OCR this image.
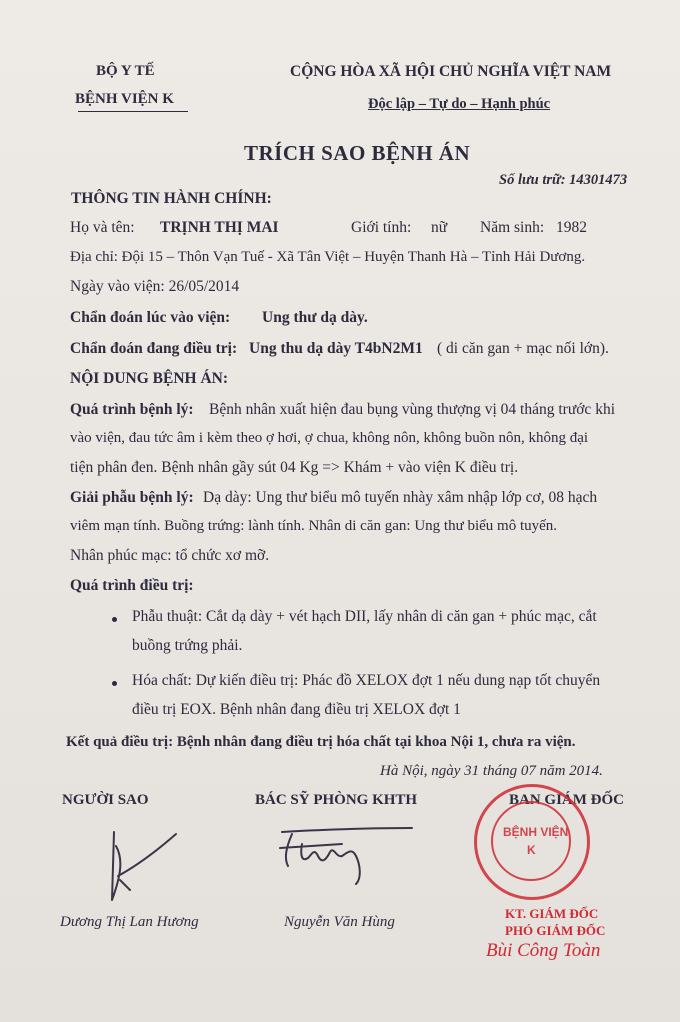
BỘ Y TẾ
BỆNH VIỆN K
CỘNG HÒA XÃ HỘI CHỦ NGHĨA VIỆT NAM
Độc lập – Tự do – Hạnh phúc
TRÍCH SAO BỆNH ÁN
Số lưu trữ: 14301473
THÔNG TIN HÀNH CHÍNH:
Họ và tên: TRỊNH THỊ MAI	Giới tính: nữ Năm sinh: 1982
Địa chỉ: Đội 15 – Thôn Vạn Tuế - Xã Tân Việt – Huyện Thanh Hà – Tỉnh Hải Dương.
Ngày vào viện: 26/05/2014
Chẩn đoán lúc vào viện: Ung thư dạ dày.
Chẩn đoán đang điều trị: Ung thu dạ dày T4bN2M1 ( di căn gan + mạc nối lớn).
NỘI DUNG BỆNH ÁN:
Quá trình bệnh lý: Bệnh nhân xuất hiện đau bụng vùng thượng vị 04 tháng trước khi
vào viện, đau tức âm i kèm theo ợ hơi, ợ chua, không nôn, không buồn nôn, không đại
tiện phân đen. Bệnh nhân gầy sút 04 Kg => Khám + vào viện K điều trị.
Giải phẫu bệnh lý: Dạ dày: Ung thư biểu mô tuyến nhày xâm nhập lớp cơ, 08 hạch
viêm mạn tính. Buồng trứng: lành tính. Nhân di căn gan: Ung thư biểu mô tuyến.
Nhân phúc mạc: tổ chức xơ mỡ.
Quá trình điều trị:
Phẫu thuật: Cắt dạ dày + vét hạch DII, lấy nhân di căn gan + phúc mạc, cắt
buồng trứng phải.
Hóa chất: Dự kiến điều trị: Phác đồ XELOX đợt 1 nếu dung nạp tốt chuyển
điều trị EOX. Bệnh nhân đang điều trị XELOX đợt 1
Kết quả điều trị: Bệnh nhân đang điều trị hóa chất tại khoa Nội 1, chưa ra viện.
Hà Nội, ngày 31 tháng 07 năm 2014.
NGƯỜI SAO	BÁC SỸ PHÒNG KHTH	BAN GIÁM ĐỐC
Dương Thị Lan Hương	Nguyễn Văn Hùng
BỆNH VIỆN
K
KT. GIÁM ĐỐC
PHÓ GIÁM ĐỐC
Bùi Công Toàn
